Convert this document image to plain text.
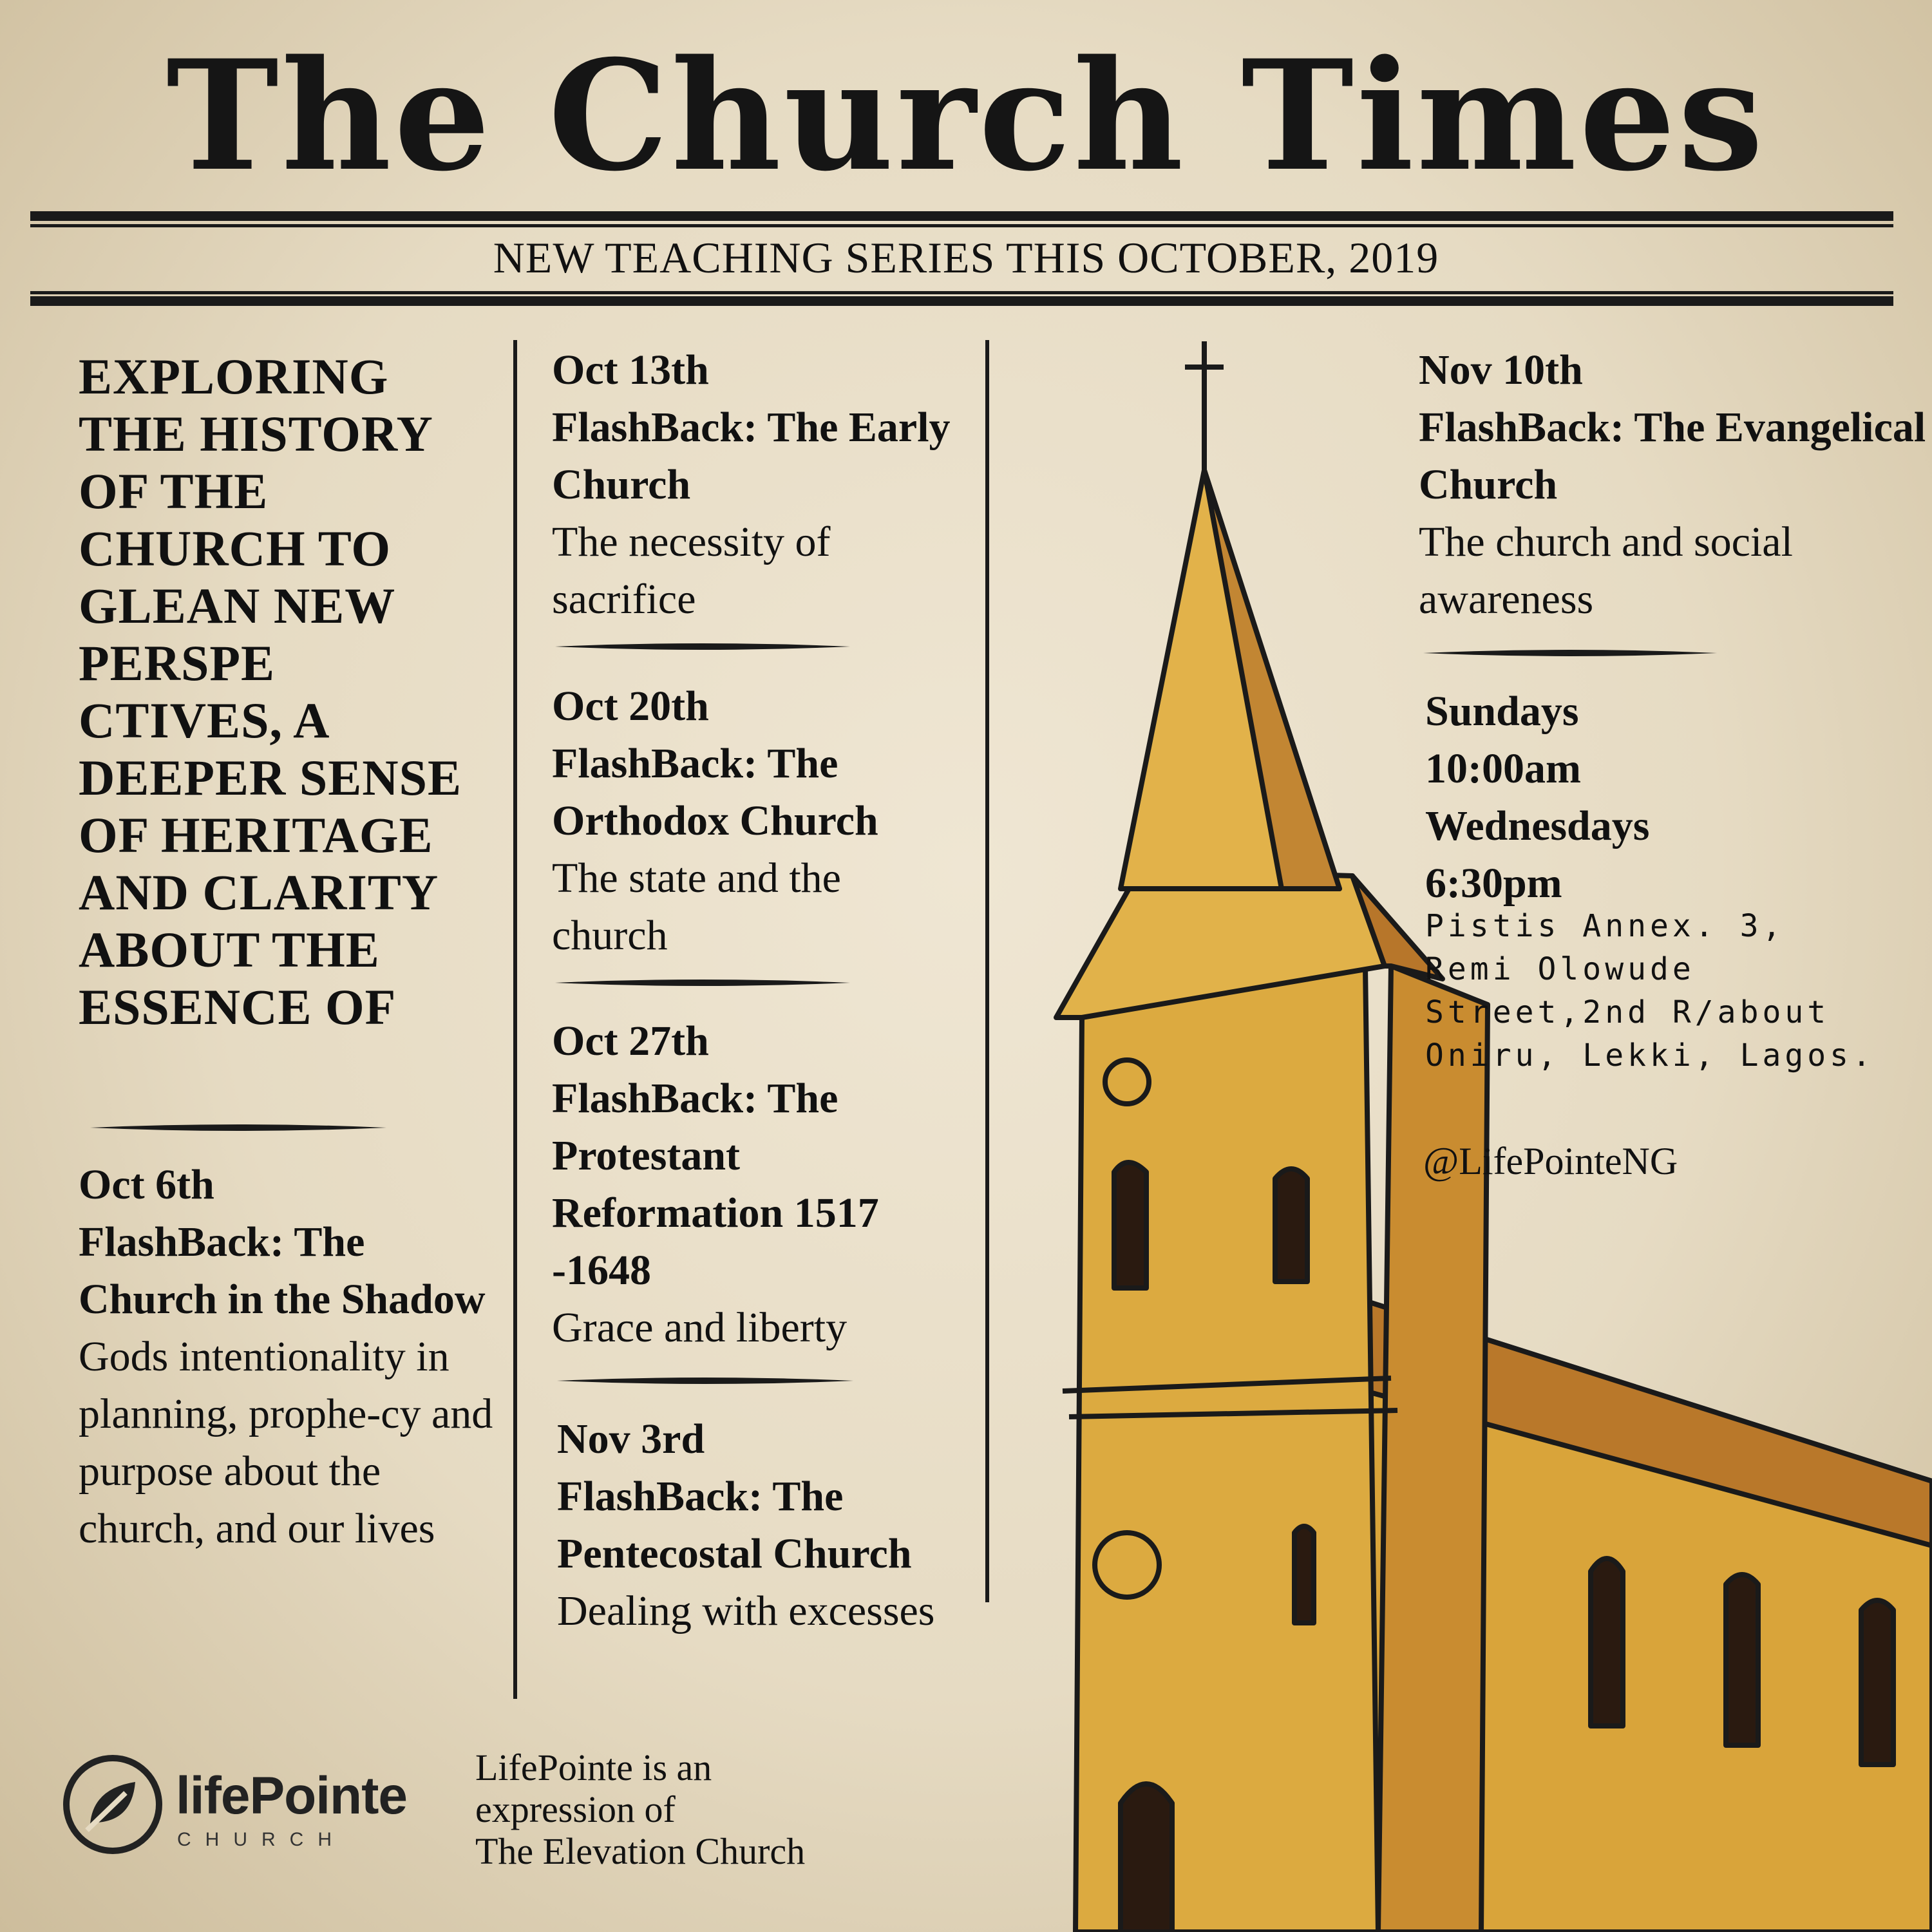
The Church Times
NEW TEACHING SERIES THIS OCTOBER, 2019

EXPLORING THE HISTORY OF THE CHURCH TO GLEAN NEW PERSPE CTIVES, A DEEPER SENSE OF HERITAGE AND CLARITY ABOUT THE ESSENCE OF

Oct 6th
FlashBack: The Church in the Shadow
Gods intentionality in planning, prophe-cy and purpose about the church, and our lives
Oct 13th
FlashBack: The Early Church
The necessity of sacrifice
Oct 20th
FlashBack: The Orthodox Church
The state and the church
Oct 27th
FlashBack: The Protestant Reformation 1517 -1648
Grace and liberty
Nov 3rd
FlashBack: The Pentecostal Church
Dealing with excesses
Nov 10th
FlashBack: The Evangelical Church
The church and social awareness
Sundays
10:00am
Wednesdays
6:30pm
Pistis Annex. 3, Remi Olowude Street,2nd R/about Oniru, Lekki, Lagos.
@LifePointeNG
lifePointe
CHURCH
LifePointe is an
expression of
The Elevation Church
